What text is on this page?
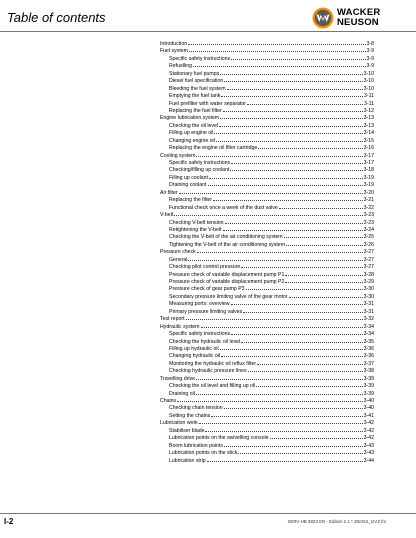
Table of contents	WACKER
NEUSON
Introduction	3-8
Fuel system	3-9
Specific safety instructions	3-9
Refuelling	3-9
Stationary fuel pumps	3-10
Diesel fuel specification	3-10
Bleeding the fuel system	3-10
Emptying the fuel tank	3-11
Fuel prefilter with water separator	3-11
Replacing the fuel filter	3-12
Engine lubrication system	3-13
Checking the oil level	3-13
Filling up engine oil	3-14
Changing engine oil	3-15
Replacing the engine oil filter cartridge	3-16
Cooling system	3-17
Specific safety instructions	3-17
Checking/filling up coolant	3-18
Filling up coolant	3-19
Draining coolant	3-19
Air filter	3-20
Replacing the filter	3-21
Functional check once a week of the dust valve	3-22
V-belt	3-23
Checking V-belt tension	3-23
Retightening the V-belt	3-24
Checking the V-belt of the air conditioning system	3-25
Tightening the V-belt of the air conditioning system	3-26
Pressure check	3-27
General	3-27
Checking pilot control pressure	3-27
Pressure check of variable displacement pump P1	3-28
Pressure check of variable displacement pump P2	3-29
Pressure check of gear pump P3	3-30
Secondary pressure limiting valve of the gear motor	3-30
Measuring ports: overview	3-31
Primary pressure limiting valves	3-31
Test report	3-32
Hydraulic system	3-34
Specific safety instructions	3-34
Checking the hydraulic oil level	3-35
Filling up hydraulic oil	3-36
Changing hydraulic oil	3-36
Monitoring the hydraulic oil reflux filter	3-37
Checking hydraulic pressure lines	3-38
Travelling drive	3-39
Checking the oil level and filling up oil	3-39
Draining oil	3-39
Chains	3-40
Checking chain tension	3-40
Setting the chains	3-41
Lubrication work	3-42
Stabiliser blade	3-42
Lubrication points on the swivelling console	3-42
Boom lubrication points	3-43
Lubrication points on the stick	3-43
Lubrication strip	3-44
I-2	SERV-HB 38Z3 EN - Edition 2.1 * 38z3s2_1IVZ.fm
